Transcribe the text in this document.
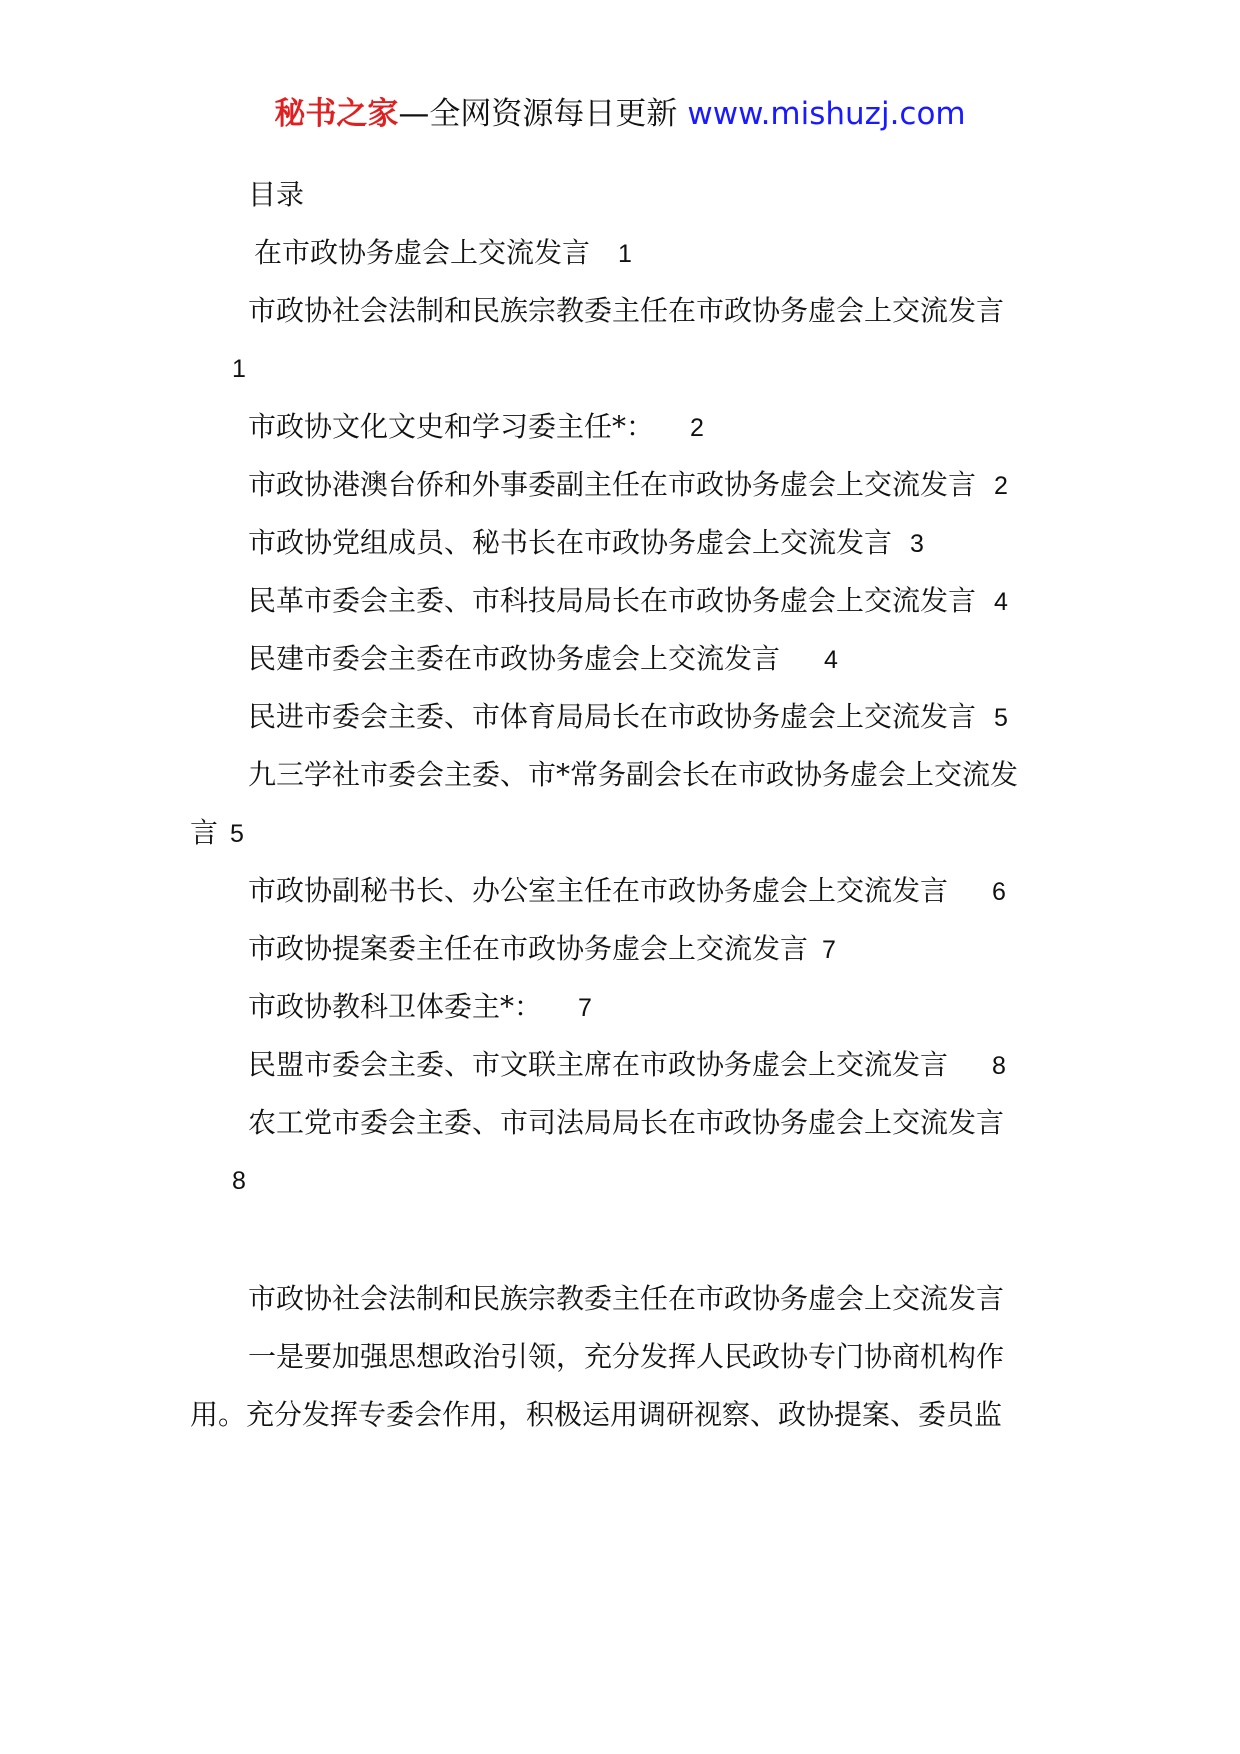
秘书之家—全网资源每日更新 www.mishuzj.com
目录
在市政协务虚会上交流发言 1
市政协社会法制和民族宗教委主任在市政协务虚会上交流发言
1
市政协文化文史和学习委主任*： 2
市政协港澳台侨和外事委副主任在市政协务虚会上交流发言 2
市政协党组成员、秘书长在市政协务虚会上交流发言 3
民革市委会主委、市科技局局长在市政协务虚会上交流发言 4
民建市委会主委在市政协务虚会上交流发言 4
民进市委会主委、市体育局局长在市政协务虚会上交流发言 5
九三学社市委会主委、市*常务副会长在市政协务虚会上交流发
言 5
市政协副秘书长、办公室主任在市政协务虚会上交流发言 6
市政协提案委主任在市政协务虚会上交流发言 7
市政协教科卫体委主*： 7
民盟市委会主委、市文联主席在市政协务虚会上交流发言 8
农工党市委会主委、市司法局局长在市政协务虚会上交流发言
8
市政协社会法制和民族宗教委主任在市政协务虚会上交流发言
一是要加强思想政治引领，充分发挥人民政协专门协商机构作
用。充分发挥专委会作用，积极运用调研视察、政协提案、委员监
